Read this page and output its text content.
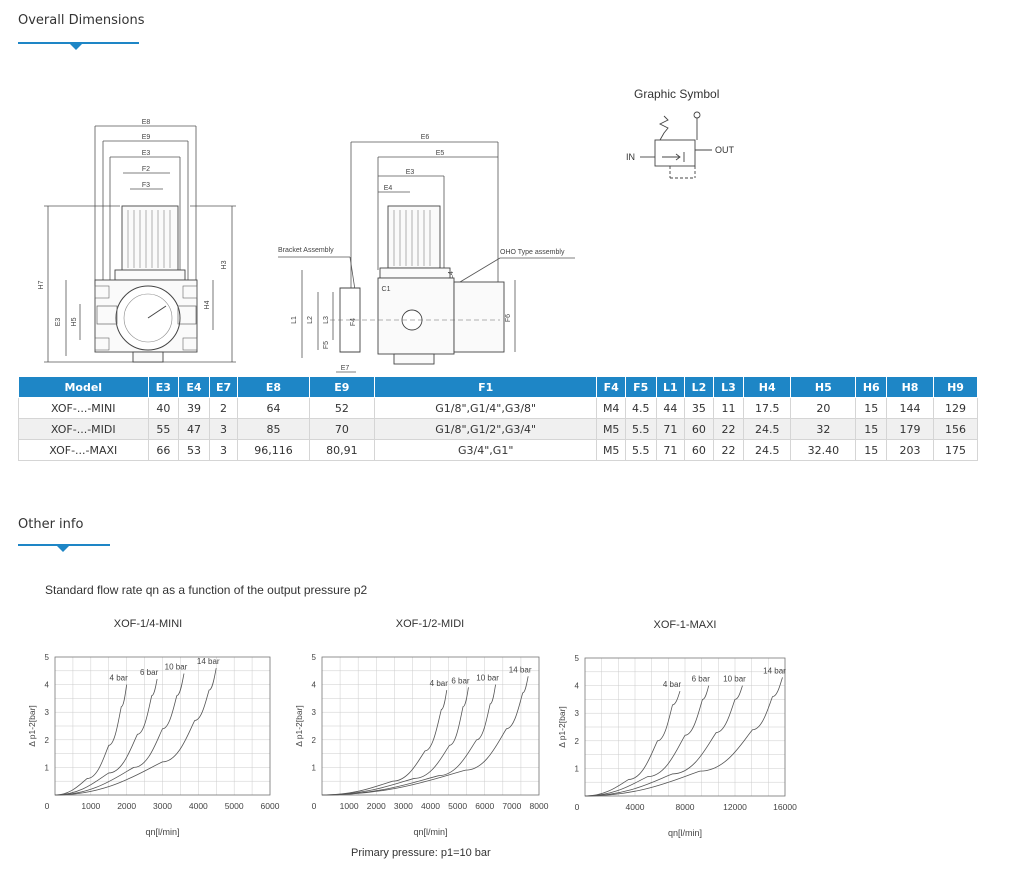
Overall Dimensions
E8
E9
E3
F2
F3
H3
H7
H5
E3
H4
E6
E5
E3
E4
L4
C1
L1 L2 L3	F4
F5
E7
F6
Bracket Assembly	OHO Type assembly
Graphic Symbol
IN
OUT
Model	E3	E4	E7	E8	E9	F1	F4	F5	L1	L2	L3	H4	H5	H6	H8	H9
XOF-...-MINI	40	39	2	64	52	G1/8",G1/4",G3/8"	M4	4.5	44	35	11	17.5	20	15	144	129
XOF-...-MIDI	55	47	3	85	70	G1/8",G1/2",G3/4"	M5	5.5	71	60	22	24.5	32	15	179	156
XOF-...-MAXI	66	53	3	96,116	80,91	G3/4",G1"	M5	5.5	71	60	22	24.5	32.40	15	203	175
Other info
Standard flow rate qn as a function of the output pressure p2
XOF-1/4-MINI
1
2
3
4
5
0	1000 2000 3000 4000 5000 6000
qn[l/min]
Δ p1-2[bar]
4 bar
6 bar
10 bar
14 bar
XOF-1/2-MIDI
1
2
3
4
5
0	1000 2000 3000 4000 5000 6000 7000 8000
qn[l/min]
Δ p1-2[bar]
4 bar 6 bar 10 bar
14 bar
XOF-1-MAXI
1
2
3
4
5
0	4000	8000	12000	16000
qn[l/min]
Δ p1-2[bar]
4 bar
6 bar 10 bar
14 bar
Primary pressure: p1=10 bar
